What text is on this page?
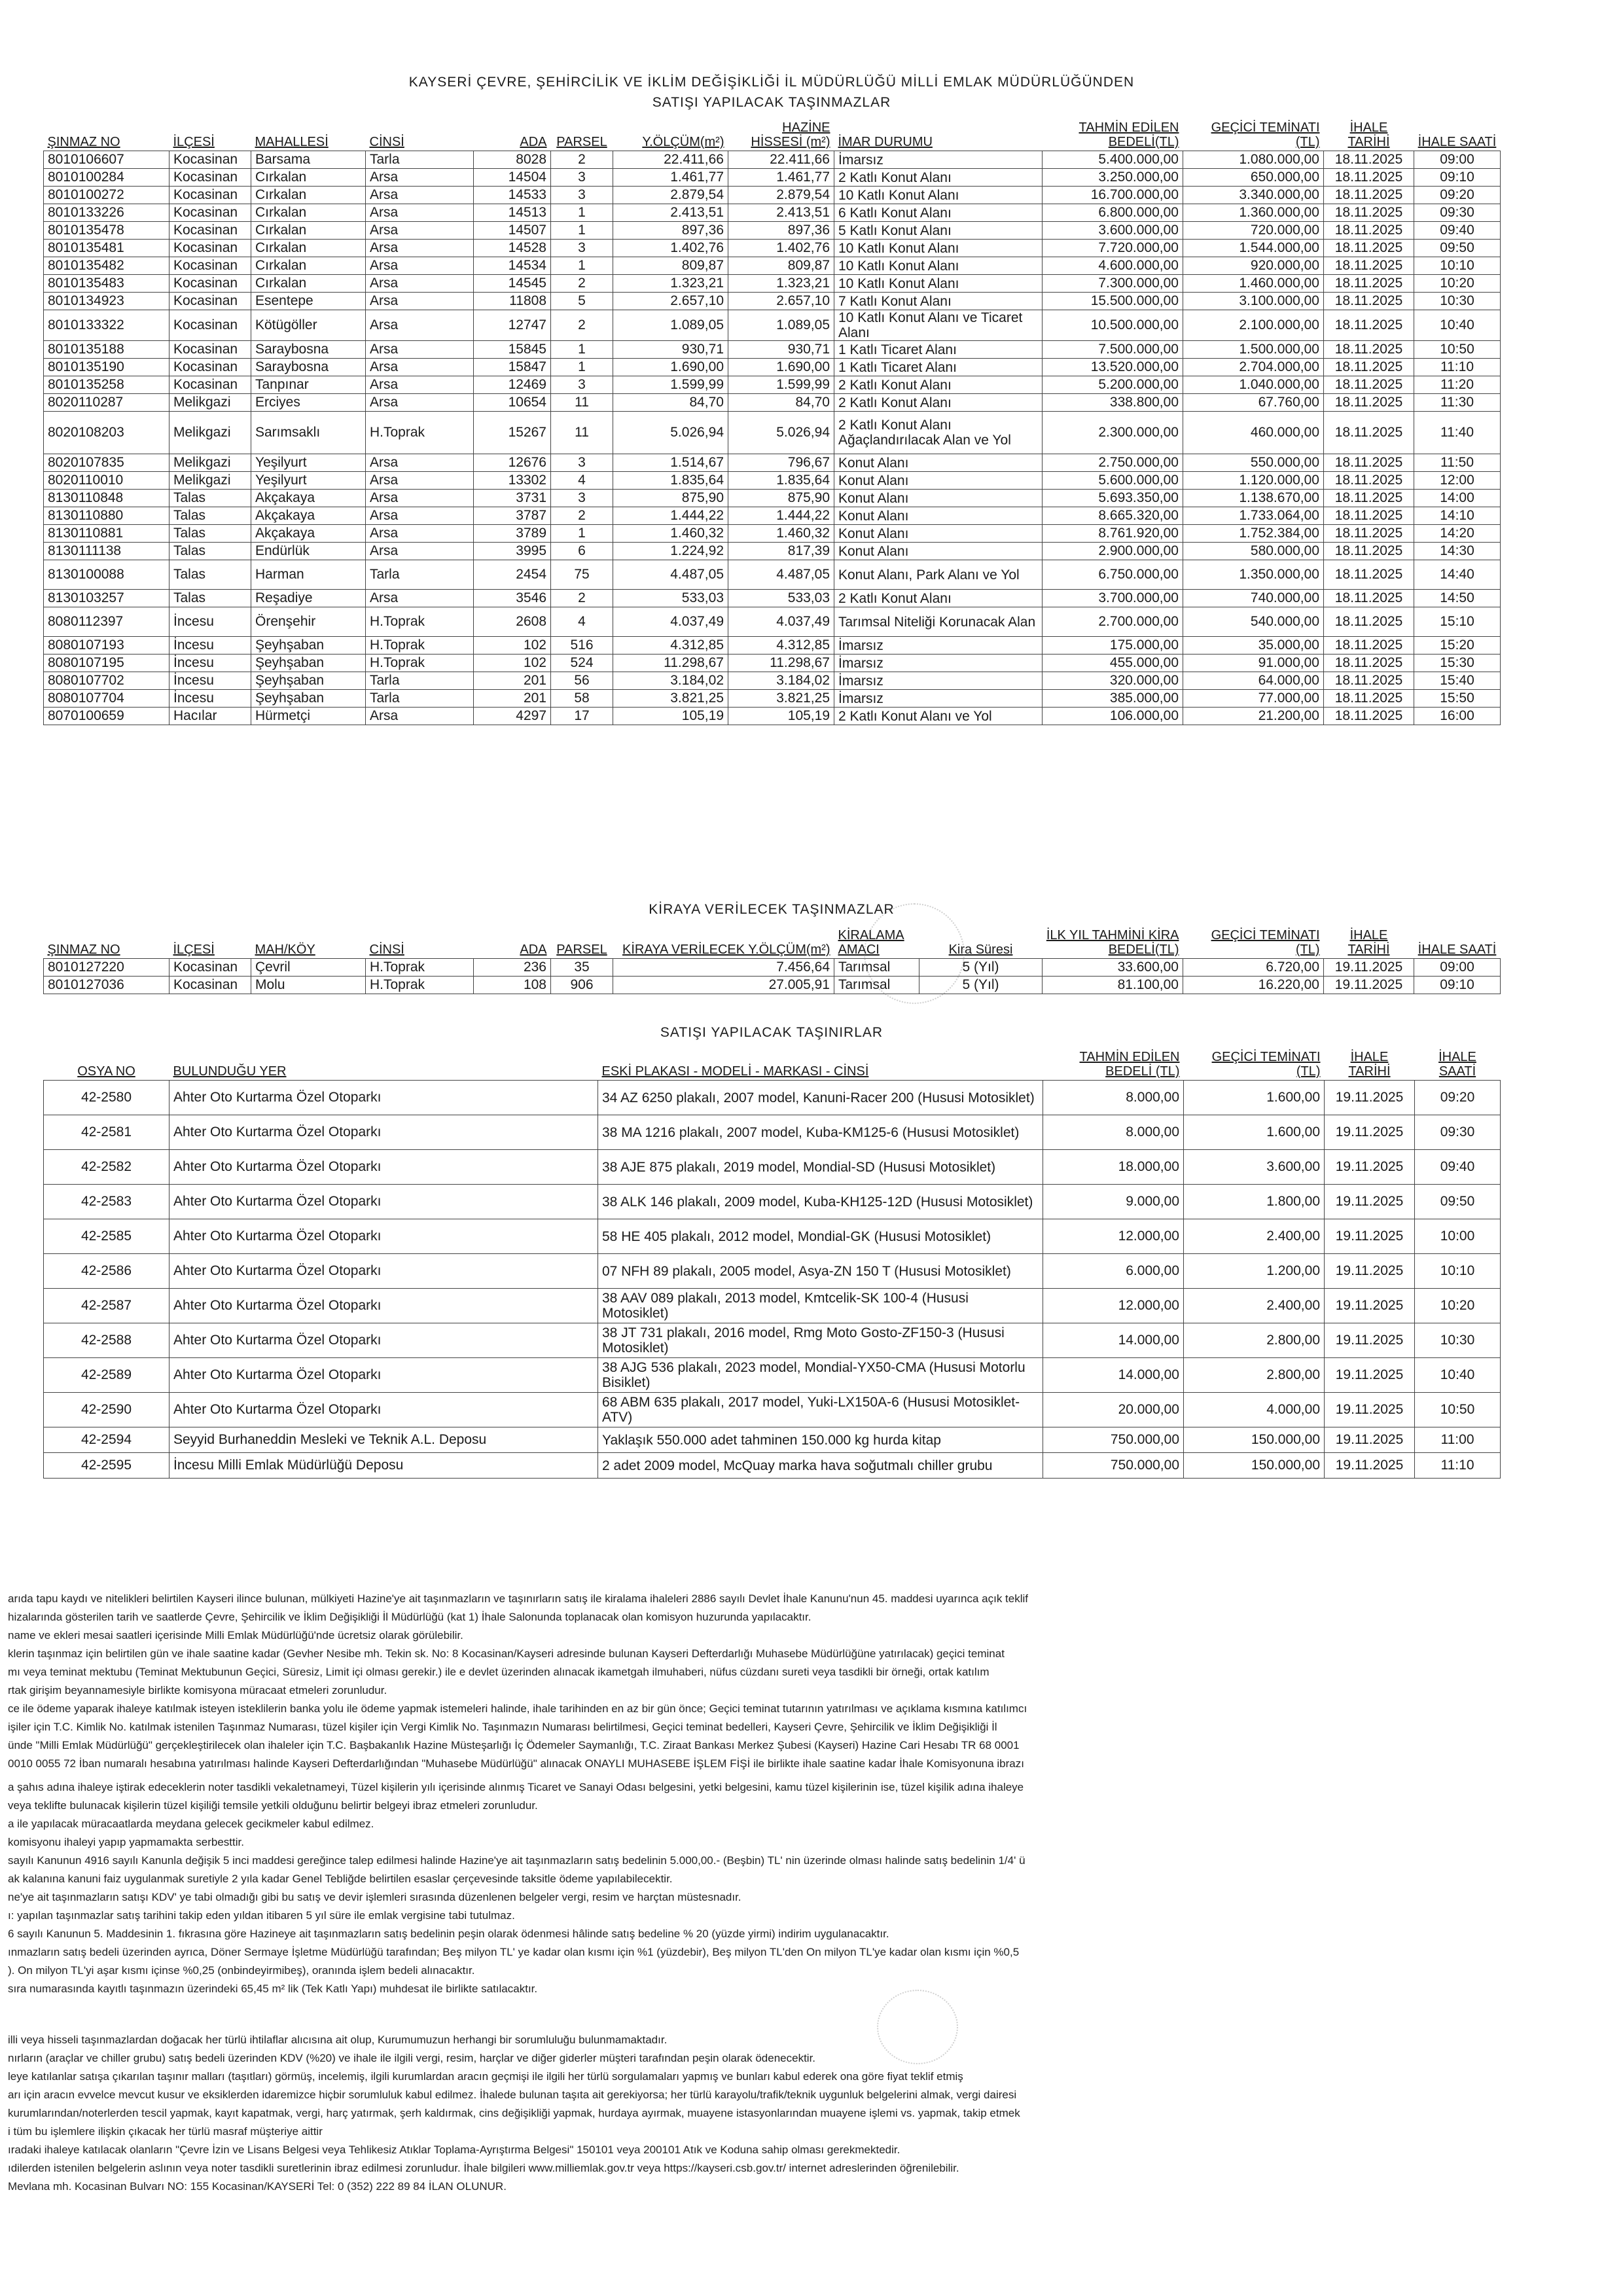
KAYSERİ ÇEVRE, ŞEHİRCİLİK VE İKLİM DEĞİŞİKLİĞİ İL MÜDÜRLÜĞÜ MİLLİ EMLAK MÜDÜRLÜĞÜNDEN
SATIŞI YAPILACAK TAŞINMAZLAR
ŞINMAZ NO	İLÇESİ	MAHALLESİ	CİNSİ	ADA	PARSEL	Y.ÖLÇÜM(m²)	HAZİNE HİSSESİ (m²)	İMAR DURUMU	TAHMİN EDİLEN BEDELİ(TL)	GEÇİCİ TEMİNATI (TL)	İHALE TARİHİ	İHALE SAATİ
8010106607	Kocasinan	Barsama	Tarla	8028	2	22.411,66	22.411,66	İmarsız	5.400.000,00	1.080.000,00	18.11.2025	09:00
8010100284	Kocasinan	Cırkalan	Arsa	14504	3	1.461,77	1.461,77	2 Katlı Konut Alanı	3.250.000,00	650.000,00	18.11.2025	09:10
8010100272	Kocasinan	Cırkalan	Arsa	14533	3	2.879,54	2.879,54	10 Katlı Konut Alanı	16.700.000,00	3.340.000,00	18.11.2025	09:20
8010133226	Kocasinan	Cırkalan	Arsa	14513	1	2.413,51	2.413,51	6 Katlı Konut Alanı	6.800.000,00	1.360.000,00	18.11.2025	09:30
8010135478	Kocasinan	Cırkalan	Arsa	14507	1	897,36	897,36	5 Katlı Konut Alanı	3.600.000,00	720.000,00	18.11.2025	09:40
8010135481	Kocasinan	Cırkalan	Arsa	14528	3	1.402,76	1.402,76	10 Katlı Konut Alanı	7.720.000,00	1.544.000,00	18.11.2025	09:50
8010135482	Kocasinan	Cırkalan	Arsa	14534	1	809,87	809,87	10 Katlı Konut Alanı	4.600.000,00	920.000,00	18.11.2025	10:10
8010135483	Kocasinan	Cırkalan	Arsa	14545	2	1.323,21	1.323,21	10 Katlı Konut Alanı	7.300.000,00	1.460.000,00	18.11.2025	10:20
8010134923	Kocasinan	Esentepe	Arsa	11808	5	2.657,10	2.657,10	7 Katlı Konut Alanı	15.500.000,00	3.100.000,00	18.11.2025	10:30
8010133322	Kocasinan	Kötügöller	Arsa	12747	2	1.089,05	1.089,05	10 Katlı Konut Alanı ve Ticaret Alanı	10.500.000,00	2.100.000,00	18.11.2025	10:40
8010135188	Kocasinan	Saraybosna	Arsa	15845	1	930,71	930,71	1 Katlı Ticaret Alanı	7.500.000,00	1.500.000,00	18.11.2025	10:50
8010135190	Kocasinan	Saraybosna	Arsa	15847	1	1.690,00	1.690,00	1 Katlı Ticaret Alanı	13.520.000,00	2.704.000,00	18.11.2025	11:10
8010135258	Kocasinan	Tanpınar	Arsa	12469	3	1.599,99	1.599,99	2 Katlı Konut Alanı	5.200.000,00	1.040.000,00	18.11.2025	11:20
8020110287	Melikgazi	Erciyes	Arsa	10654	11	84,70	84,70	2 Katlı Konut Alanı	338.800,00	67.760,00	18.11.2025	11:30
8020108203	Melikgazi	Sarımsaklı	H.Toprak	15267	11	5.026,94	5.026,94	2 Katlı Konut Alanı Ağaçlandırılacak Alan ve Yol	2.300.000,00	460.000,00	18.11.2025	11:40
8020107835	Melikgazi	Yeşilyurt	Arsa	12676	3	1.514,67	796,67	Konut Alanı	2.750.000,00	550.000,00	18.11.2025	11:50
8020110010	Melikgazi	Yeşilyurt	Arsa	13302	4	1.835,64	1.835,64	Konut Alanı	5.600.000,00	1.120.000,00	18.11.2025	12:00
8130110848	Talas	Akçakaya	Arsa	3731	3	875,90	875,90	Konut Alanı	5.693.350,00	1.138.670,00	18.11.2025	14:00
8130110880	Talas	Akçakaya	Arsa	3787	2	1.444,22	1.444,22	Konut Alanı	8.665.320,00	1.733.064,00	18.11.2025	14:10
8130110881	Talas	Akçakaya	Arsa	3789	1	1.460,32	1.460,32	Konut Alanı	8.761.920,00	1.752.384,00	18.11.2025	14:20
8130111138	Talas	Endürlük	Arsa	3995	6	1.224,92	817,39	Konut Alanı	2.900.000,00	580.000,00	18.11.2025	14:30
8130100088	Talas	Harman	Tarla	2454	75	4.487,05	4.487,05	Konut Alanı, Park Alanı ve Yol	6.750.000,00	1.350.000,00	18.11.2025	14:40
8130103257	Talas	Reşadiye	Arsa	3546	2	533,03	533,03	2 Katlı Konut Alanı	3.700.000,00	740.000,00	18.11.2025	14:50
8080112397	İncesu	Örenşehir	H.Toprak	2608	4	4.037,49	4.037,49	Tarımsal Niteliği Korunacak Alan	2.700.000,00	540.000,00	18.11.2025	15:10
8080107193	İncesu	Şeyhşaban	H.Toprak	102	516	4.312,85	4.312,85	İmarsız	175.000,00	35.000,00	18.11.2025	15:20
8080107195	İncesu	Şeyhşaban	H.Toprak	102	524	11.298,67	11.298,67	İmarsız	455.000,00	91.000,00	18.11.2025	15:30
8080107702	İncesu	Şeyhşaban	Tarla	201	56	3.184,02	3.184,02	İmarsız	320.000,00	64.000,00	18.11.2025	15:40
8080107704	İncesu	Şeyhşaban	Tarla	201	58	3.821,25	3.821,25	İmarsız	385.000,00	77.000,00	18.11.2025	15:50
8070100659	Hacılar	Hürmetçi	Arsa	4297	17	105,19	105,19	2 Katlı Konut Alanı ve Yol	106.000,00	21.200,00	18.11.2025	16:00
KİRAYA VERİLECEK TAŞINMAZLAR
ŞINMAZ NO	İLÇESİ	MAH/KÖY	CİNSİ	ADA	PARSEL	KİRAYA VERİLECEK Y.ÖLÇÜM(m²)	KİRALAMA AMACI	Kira Süresi	İLK YIL TAHMİNİ KİRA BEDELİ(TL)	GEÇİCİ TEMİNATI (TL)	İHALE TARİHİ	İHALE SAATİ
8010127220	Kocasinan	Çevril	H.Toprak	236	35	7.456,64	Tarımsal	5 (Yıl)	33.600,00	6.720,00	19.11.2025	09:00
8010127036	Kocasinan	Molu	H.Toprak	108	906	27.005,91	Tarımsal	5 (Yıl)	81.100,00	16.220,00	19.11.2025	09:10
SATIŞI YAPILACAK TAŞINIRLAR
OSYA NO	BULUNDUĞU YER	ESKİ PLAKASI - MODELİ - MARKASI - CİNSİ	TAHMİN EDİLEN BEDELİ (TL)	GEÇİCİ TEMİNATI (TL)	İHALE TARİHİ	İHALE SAATİ
42-2580	Ahter Oto Kurtarma Özel Otoparkı	34 AZ 6250 plakalı, 2007 model, Kanuni-Racer 200 (Hususi Motosiklet)	8.000,00	1.600,00	19.11.2025	09:20
42-2581	Ahter Oto Kurtarma Özel Otoparkı	38 MA 1216 plakalı, 2007 model, Kuba-KM125-6 (Hususi Motosiklet)	8.000,00	1.600,00	19.11.2025	09:30
42-2582	Ahter Oto Kurtarma Özel Otoparkı	38 AJE 875 plakalı, 2019 model, Mondial-SD (Hususi Motosiklet)	18.000,00	3.600,00	19.11.2025	09:40
42-2583	Ahter Oto Kurtarma Özel Otoparkı	38 ALK 146 plakalı, 2009 model, Kuba-KH125-12D (Hususi Motosiklet)	9.000,00	1.800,00	19.11.2025	09:50
42-2585	Ahter Oto Kurtarma Özel Otoparkı	58 HE 405 plakalı, 2012 model, Mondial-GK (Hususi Motosiklet)	12.000,00	2.400,00	19.11.2025	10:00
42-2586	Ahter Oto Kurtarma Özel Otoparkı	07 NFH 89 plakalı, 2005 model, Asya-ZN 150 T (Hususi Motosiklet)	6.000,00	1.200,00	19.11.2025	10:10
42-2587	Ahter Oto Kurtarma Özel Otoparkı	38 AAV 089 plakalı, 2013 model, Kmtcelik-SK 100-4 (Hususi Motosiklet)	12.000,00	2.400,00	19.11.2025	10:20
42-2588	Ahter Oto Kurtarma Özel Otoparkı	38 JT 731 plakalı, 2016 model, Rmg Moto Gosto-ZF150-3 (Hususi Motosiklet)	14.000,00	2.800,00	19.11.2025	10:30
42-2589	Ahter Oto Kurtarma Özel Otoparkı	38 AJG 536 plakalı, 2023 model, Mondial-YX50-CMA (Hususi Motorlu Bisiklet)	14.000,00	2.800,00	19.11.2025	10:40
42-2590	Ahter Oto Kurtarma Özel Otoparkı	68 ABM 635 plakalı, 2017 model, Yuki-LX150A-6 (Hususi Motosiklet-ATV)	20.000,00	4.000,00	19.11.2025	10:50
42-2594	Seyyid Burhaneddin Mesleki ve Teknik A.L. Deposu	Yaklaşık 550.000 adet tahminen 150.000 kg hurda kitap	750.000,00	150.000,00	19.11.2025	11:00
42-2595	İncesu Milli Emlak Müdürlüğü Deposu	2 adet 2009 model, McQuay marka hava soğutmalı chiller grubu	750.000,00	150.000,00	19.11.2025	11:10

arıda tapu kaydı ve nitelikleri belirtilen Kayseri ilince bulunan, mülkiyeti Hazine'ye ait taşınmazların ve taşınırların satış ile kiralama ihaleleri 2886 sayılı Devlet İhale Kanunu'nun 45. maddesi uyarınca açık teklif

hizalarında gösterilen tarih ve saatlerde Çevre, Şehircilik ve İklim Değişikliği İl Müdürlüğü (kat 1) İhale Salonunda toplanacak olan komisyon huzurunda yapılacaktır.

name ve ekleri mesai saatleri içerisinde Milli Emlak Müdürlüğü'nde ücretsiz olarak görülebilir.

klerin taşınmaz için belirtilen gün ve ihale saatine kadar (Gevher Nesibe mh. Tekin sk. No: 8 Kocasinan/Kayseri adresinde bulunan Kayseri Defterdarlığı Muhasebe Müdürlüğüne yatırılacak) geçici teminat

mı veya teminat mektubu (Teminat Mektubunun Geçici, Süresiz, Limit içi olması gerekir.) ile e devlet üzerinden alınacak ikametgah ilmuhaberi, nüfus cüzdanı sureti veya tasdikli bir örneği, ortak katılım

rtak girişim beyannamesiyle birlikte komisyona müracaat etmeleri zorunludur.

ce ile ödeme yaparak ihaleye katılmak isteyen isteklilerin banka yolu ile ödeme yapmak istemeleri halinde, ihale tarihinden en az bir gün önce; Geçici teminat tutarının yatırılması ve açıklama kısmına katılımcı

işiler için T.C. Kimlik No. katılmak istenilen Taşınmaz Numarası, tüzel kişiler için Vergi Kimlik No. Taşınmazın Numarası belirtilmesi, Geçici teminat bedelleri, Kayseri Çevre, Şehircilik ve İklim Değişikliği İl

ünde "Milli Emlak Müdürlüğü" gerçekleştirilecek olan ihaleler için T.C. Başbakanlık Hazine Müsteşarlığı İç Ödemeler Saymanlığı, T.C. Ziraat Bankası Merkez Şubesi (Kayseri) Hazine Cari Hesabı TR 68 0001

0010 0055 72 İban numaralı hesabına yatırılması halinde Kayseri Defterdarlığından "Muhasebe Müdürlüğü" alınacak ONAYLI MUHASEBE İŞLEM FİŞİ ile birlikte ihale saatine kadar İhale Komisyonuna ibrazı

a şahıs adına ihaleye iştirak edeceklerin noter tasdikli vekaletnameyi, Tüzel kişilerin yılı içerisinde alınmış Ticaret ve Sanayi Odası belgesini, yetki belgesini, kamu tüzel kişilerinin ise, tüzel kişilik adına ihaleye

veya teklifte bulunacak kişilerin tüzel kişiliği temsile yetkili olduğunu belirtir belgeyi ibraz etmeleri zorunludur.

a ile yapılacak müracaatlarda meydana gelecek gecikmeler kabul edilmez.

komisyonu ihaleyi yapıp yapmamakta serbesttir.

sayılı Kanunun 4916 sayılı Kanunla değişik 5 inci maddesi gereğince talep edilmesi halinde Hazine'ye ait taşınmazların satış bedelinin 5.000,00.- (Beşbin) TL' nin üzerinde olması halinde satış bedelinin 1/4' ü

ak kalanına kanuni faiz uygulanmak suretiyle 2 yıla kadar Genel Tebliğde belirtilen esaslar çerçevesinde taksitle ödeme yapılabilecektir.

ne'ye ait taşınmazların satışı KDV' ye tabi olmadığı gibi bu satış ve devir işlemleri sırasında düzenlenen belgeler vergi, resim ve harçtan müstesnadır.

ı: yapılan taşınmazlar satış tarihini takip eden yıldan itibaren 5 yıl süre ile emlak vergisine tabi tutulmaz.

6 sayılı Kanunun 5. Maddesinin 1. fıkrasına göre Hazineye ait taşınmazların satış bedelinin peşin olarak ödenmesi hâlinde satış bedeline % 20 (yüzde yirmi) indirim uygulanacaktır.

ınmazların satış bedeli üzerinden ayrıca, Döner Sermaye İşletme Müdürlüğü tarafından; Beş milyon TL' ye kadar olan kısmı için %1 (yüzdebir), Beş milyon TL'den On milyon TL'ye kadar olan kısmı için %0,5

). On milyon TL'yi aşar kısmı içinse %0,25 (onbindeyirmibeş), oranında işlem bedeli alınacaktır.

sıra numarasında kayıtlı taşınmazın üzerindeki 65,45 m² lik (Tek Katlı Yapı) muhdesat ile birlikte satılacaktır.

illi veya hisseli taşınmazlardan doğacak her türlü ihtilaflar alıcısına ait olup, Kurumumuzun herhangi bir sorumluluğu bulunmamaktadır.

nırların (araçlar ve chiller grubu) satış bedeli üzerinden KDV (%20) ve ihale ile ilgili vergi, resim, harçlar ve diğer giderler müşteri tarafından peşin olarak ödenecektir.

leye katılanlar satışa çıkarılan taşınır malları (taşıtları) görmüş, incelemiş, ilgili kurumlardan aracın geçmişi ile ilgili her türlü sorgulamaları yapmış ve bunları kabul ederek ona göre fiyat teklif etmiş

arı için aracın evvelce mevcut kusur ve eksiklerden idaremizce hiçbir sorumluluk kabul edilmez. İhalede bulunan taşıta ait gerekiyorsa; her türlü karayolu/trafik/teknik uygunluk belgelerini almak, vergi dairesi

kurumlarından/noterlerden tescil yapmak, kayıt kapatmak, vergi, harç yatırmak, şerh kaldırmak, cins değişikliği yapmak, hurdaya ayırmak, muayene istasyonlarından muayene işlemi vs. yapmak, takip etmek

i tüm bu işlemlere ilişkin çıkacak her türlü masraf müşteriye aittir

ıradaki ihaleye katılacak olanların "Çevre İzin ve Lisans Belgesi veya Tehlikesiz Atıklar Toplama-Ayrıştırma Belgesi" 150101 veya 200101 Atık ve Koduna sahip olması gerekmektedir.

ıdilerden istenilen belgelerin aslının veya noter tasdikli suretlerinin ibraz edilmesi zorunludur. İhale bilgileri www.milliemlak.gov.tr veya https://kayseri.csb.gov.tr/ internet adreslerinden öğrenilebilir.

Mevlana mh. Kocasinan Bulvarı NO: 155 Kocasinan/KAYSERİ Tel: 0 (352) 222 89 84 İLAN OLUNUR.
